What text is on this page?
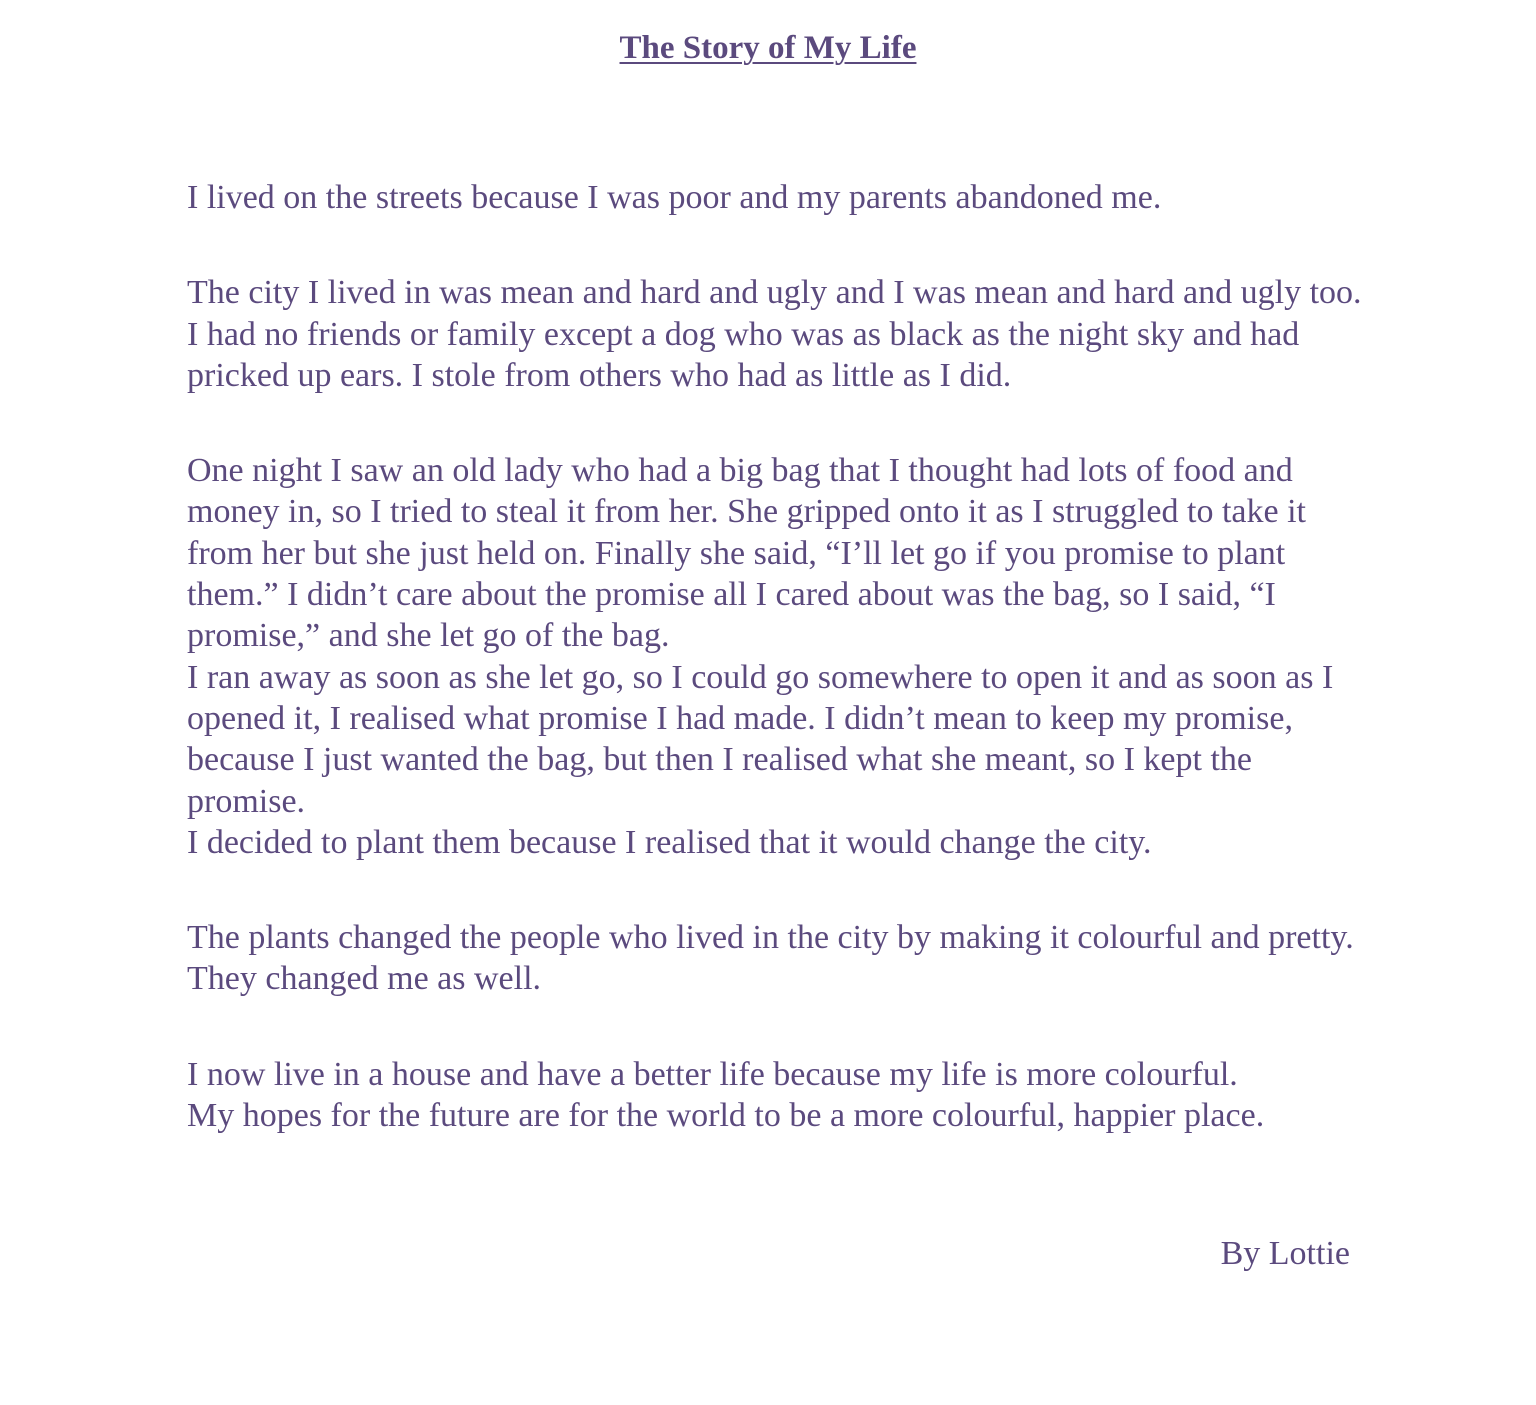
The Story of My Life

I lived on the streets because I was poor and my parents abandoned me.

The city I lived in was mean and hard and ugly and I was mean and hard and ugly too.
I had no friends or family except a dog who was as black as the night sky and had pricked up ears. I stole from others who had as little as I did.

One night I saw an old lady who had a big bag that I thought had lots of food and money in, so I tried to steal it from her. She gripped onto it as I struggled to take it from her but she just held on. Finally she said, “I’ll let go if you promise to plant them.” I didn’t care about the promise all I cared about was the bag, so I said, “I promise,” and she let go of the bag.
I ran away as soon as she let go, so I could go somewhere to open it and as soon as I opened it, I realised what promise I had made. I didn’t mean to keep my promise, because I just wanted the bag, but then I realised what she meant, so I kept the promise.
I decided to plant them because I realised that it would change the city.

The plants changed the people who lived in the city by making it colourful and pretty. They changed me as well.

I now live in a house and have a better life because my life is more colourful.
My hopes for the future are for the world to be a more colourful, happier place.

By Lottie
